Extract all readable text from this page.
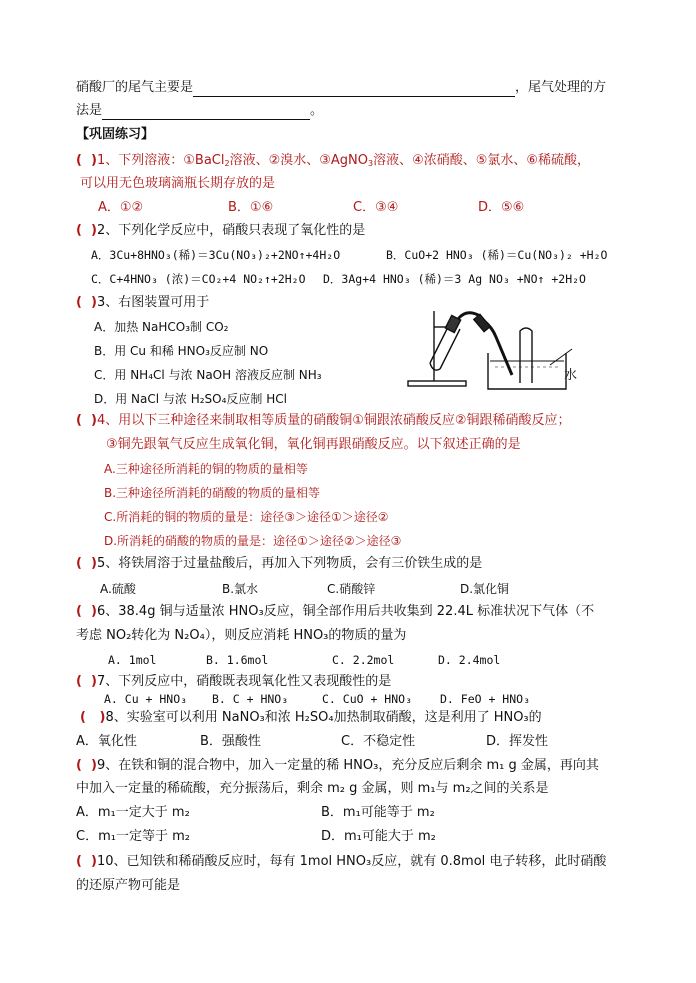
硝酸厂的尾气主要是	，尾气处理的方
法是	。
【巩固练习】
( )1、下列溶液：①BaCl$_2$溶液、②溴水、③AgNO$_3$溶液、④浓硝酸、⑤氯水、⑥稀硫酸，
可以用无色玻璃滴瓶长期存放的是
A．①②	B．①⑥	C．③④	D．⑤⑥
( )2、下列化学反应中，硝酸只表现了氧化性的是
A．3Cu+8HNO₃(稀)＝3Cu(NO₃)₂+2NO↑+4H₂O	B．CuO+2 HNO₃ (稀)＝Cu(NO₃)₂ +H₂O
C．C+4HNO₃ (浓)＝CO₂+4 NO₂↑+2H₂O D．3Ag+4 HNO₃ (稀)＝3 Ag NO₃ +NO↑ +2H₂O
( )3、右图装置可用于
A．加热 NaHCO₃制 CO₂
B．用 Cu 和稀 HNO₃反应制 NO
C．用 NH₄Cl 与浓 NaOH 溶液反应制 NH₃
D．用 NaCl 与浓 H₂SO₄反应制 HCl
水
( )4、用以下三种途径来制取相等质量的硝酸铜①铜跟浓硝酸反应②铜跟稀硝酸反应；
③铜先跟氧气反应生成氧化铜，氧化铜再跟硝酸反应。以下叙述正确的是
A.三种途径所消耗的铜的物质的量相等
B.三种途径所消耗的硝酸的物质的量相等
C.所消耗的铜的物质的量是：途径③＞途径①＞途径②
D.所消耗的硝酸的物质的量是：途径①＞途径②＞途径③
( )5、将铁屑溶于过量盐酸后，再加入下列物质，会有三价铁生成的是
A.硫酸	B.氯水	C.硝酸锌	D.氯化铜
( )6、38.4g 铜与适量浓 HNO₃反应，铜全部作用后共收集到 22.4L 标准状况下气体（不
考虑 NO₂转化为 N₂O₄），则反应消耗 HNO₃的物质的量为
A. 1mol	B. 1.6mol	C. 2.2mol	D. 2.4mol
( )7、下列反应中，硝酸既表现氧化性又表现酸性的是
A. Cu + HNO₃ B. C + HNO₃	C. CuO + HNO₃ D. FeO + HNO₃
( )8、实验室可以利用 NaNO₃和浓 H₂SO₄加热制取硝酸，这是利用了 HNO₃的
A．氧化性	B．强酸性	C．不稳定性	D．挥发性
( )9、在铁和铜的混合物中，加入一定量的稀 HNO₃，充分反应后剩余 m₁ g 金属，再向其
中加入一定量的稀硫酸，充分振荡后，剩余 m₂ g 金属，则 m₁与 m₂之间的关系是
A．m₁一定大于 m₂	B．m₁可能等于 m₂
C．m₁一定等于 m₂	D．m₁可能大于 m₂
( )10、已知铁和稀硝酸反应时，每有 1mol HNO₃反应，就有 0.8mol 电子转移，此时硝酸
的还原产物可能是
